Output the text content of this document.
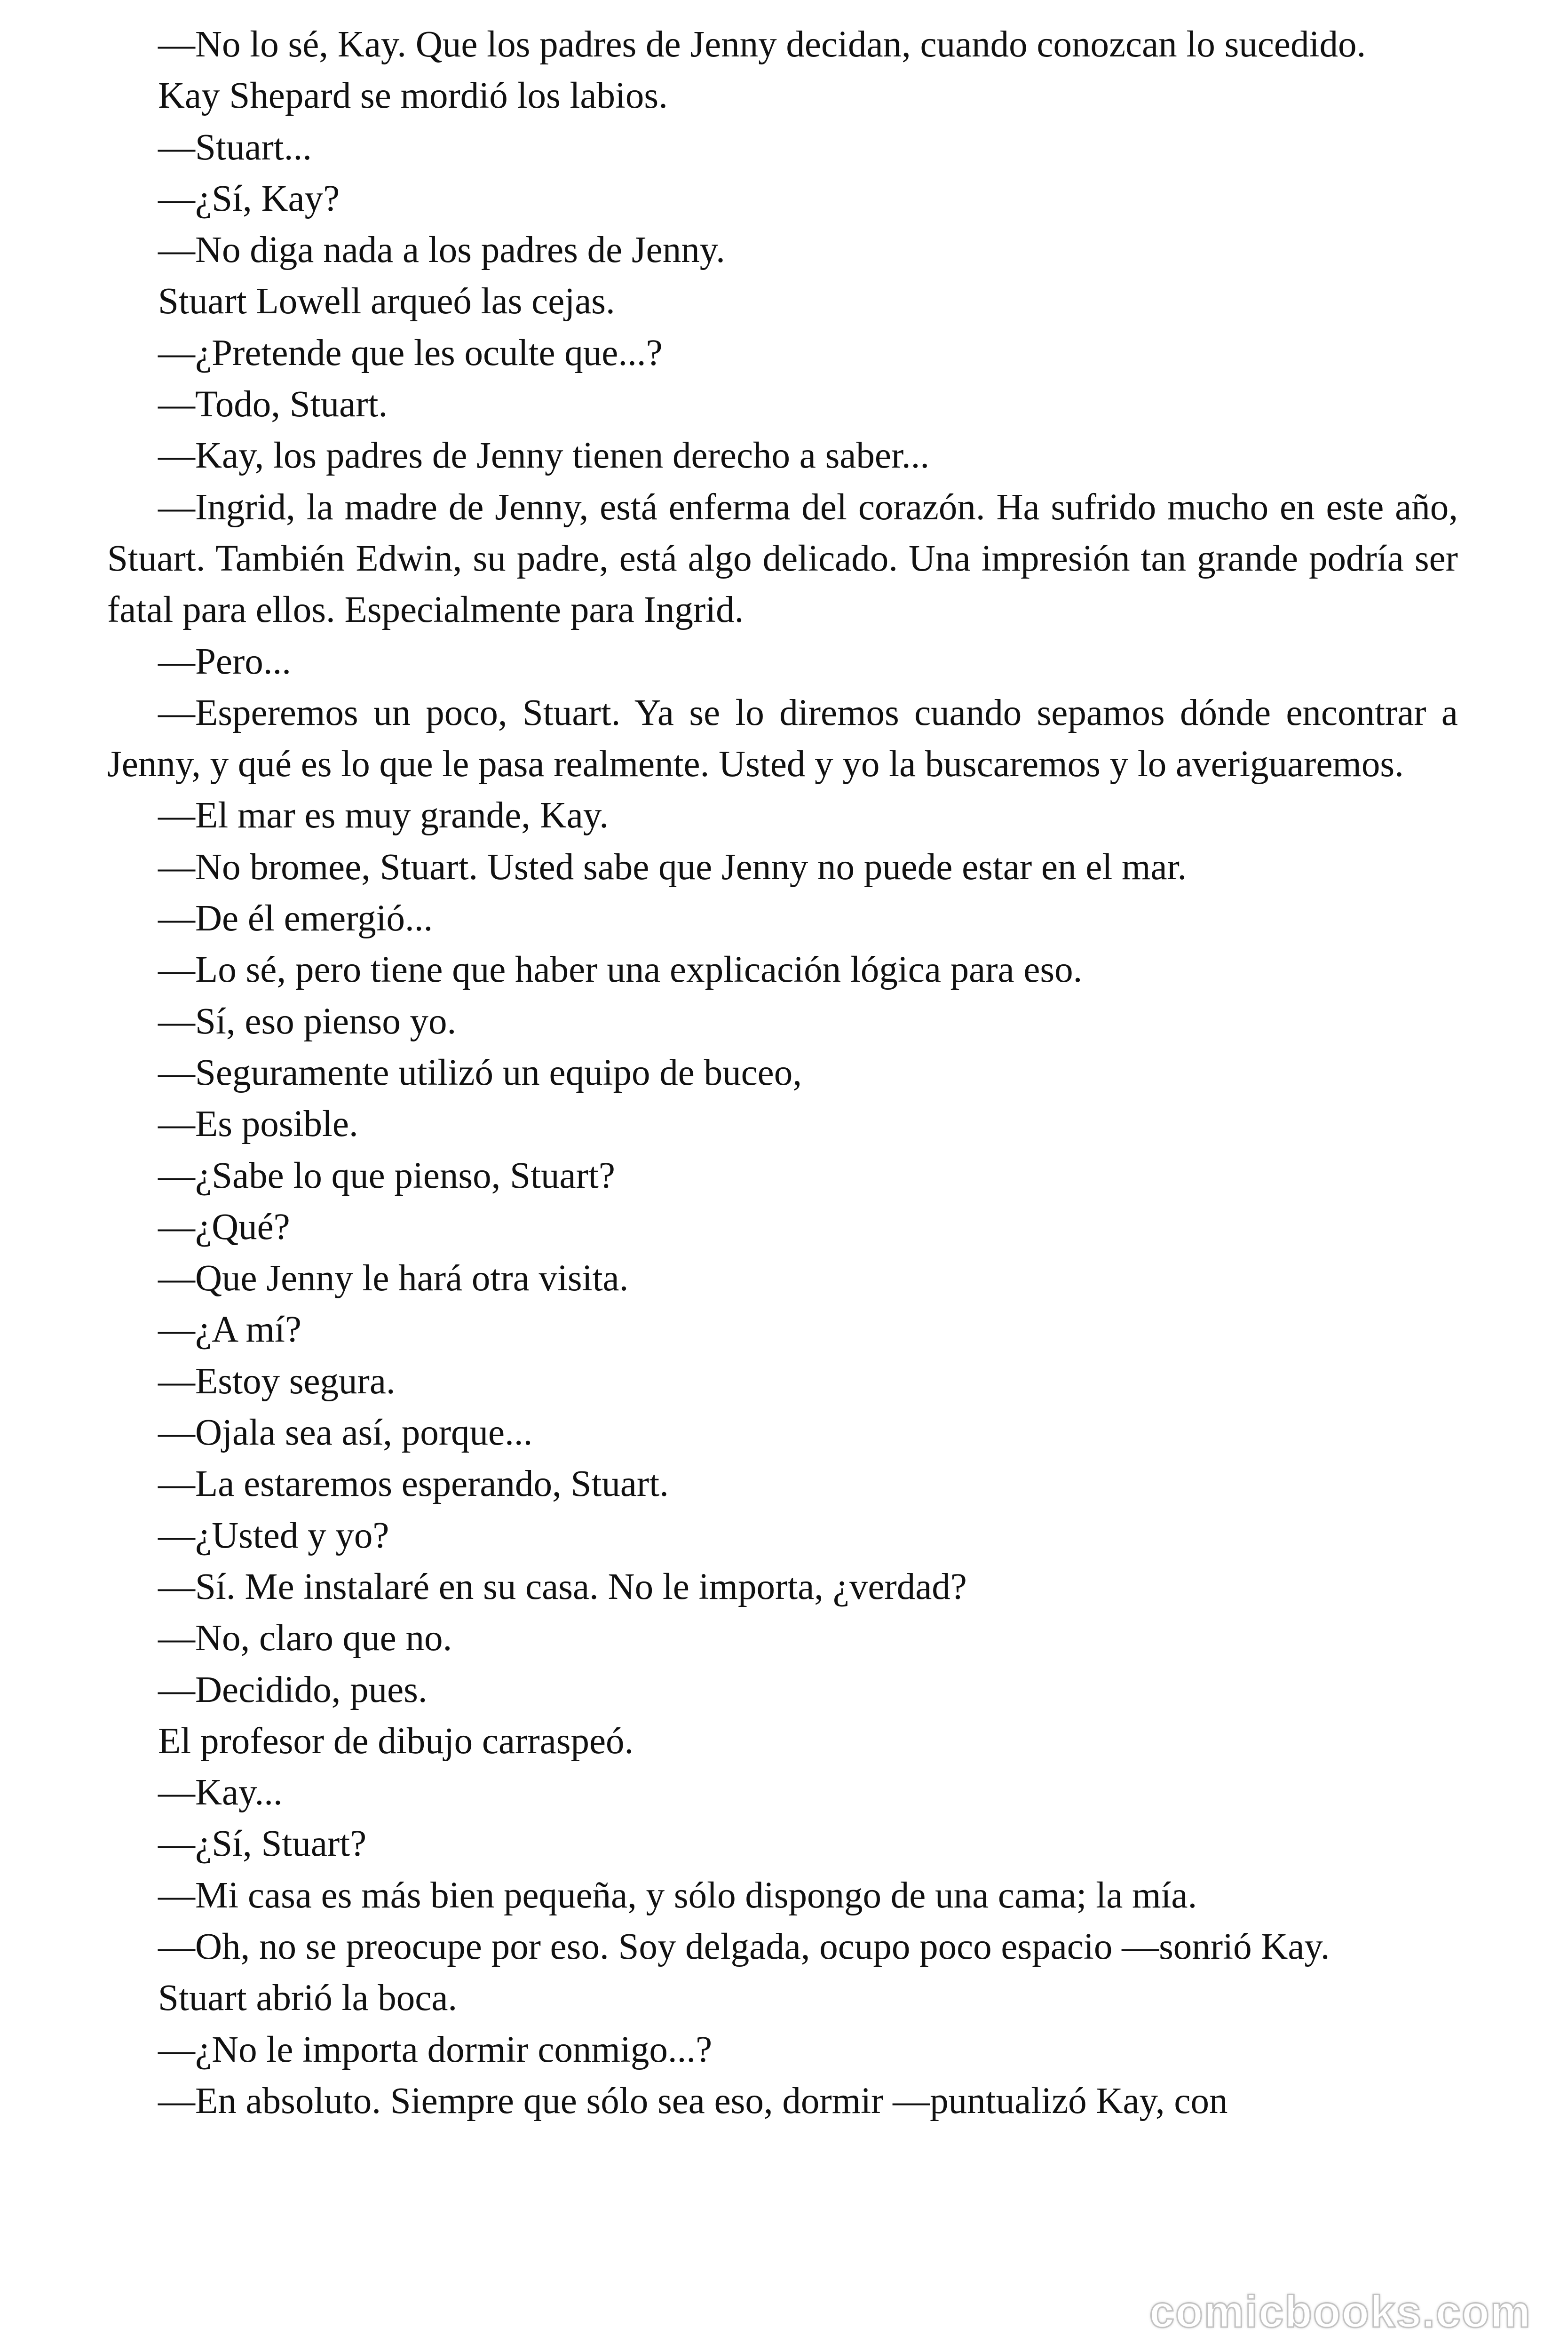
—No lo sé, Kay. Que los padres de Jenny decidan, cuando conozcan lo sucedido.

Kay Shepard se mordió los labios.

—Stuart...

—¿Sí, Kay?

—No diga nada a los padres de Jenny.

Stuart Lowell arqueó las cejas.

—¿Pretende que les oculte que...?

—Todo, Stuart.

—Kay, los padres de Jenny tienen derecho a saber...

—Ingrid, la madre de Jenny, está enferma del corazón. Ha sufrido mucho en este año, Stuart. También Edwin, su padre, está algo delicado. Una impresión tan grande podría ser fatal para ellos. Especialmente para Ingrid.

—Pero...

—Esperemos un poco, Stuart. Ya se lo diremos cuando sepamos dónde encontrar a Jenny, y qué es lo que le pasa realmente. Usted y yo la buscaremos y lo averiguaremos.

—El mar es muy grande, Kay.

—No bromee, Stuart. Usted sabe que Jenny no puede estar en el mar.

—De él emergió...

—Lo sé, pero tiene que haber una explicación lógica para eso.

—Sí, eso pienso yo.

—Seguramente utilizó un equipo de buceo,

—Es posible.

—¿Sabe lo que pienso, Stuart?

—¿Qué?

—Que Jenny le hará otra visita.

—¿A mí?

—Estoy segura.

—Ojala sea así, porque...

—La estaremos esperando, Stuart.

—¿Usted y yo?

—Sí. Me instalaré en su casa. No le importa, ¿verdad?

—No, claro que no.

—Decidido, pues.

El profesor de dibujo carraspeó.

—Kay...

—¿Sí, Stuart?

—Mi casa es más bien pequeña, y sólo dispongo de una cama; la mía.

—Oh, no se preocupe por eso. Soy delgada, ocupo poco espacio —sonrió Kay.

Stuart abrió la boca.

—¿No le importa dormir conmigo...?

—En absoluto. Siempre que sólo sea eso, dormir —puntualizó Kay, con

comicbooks.com
